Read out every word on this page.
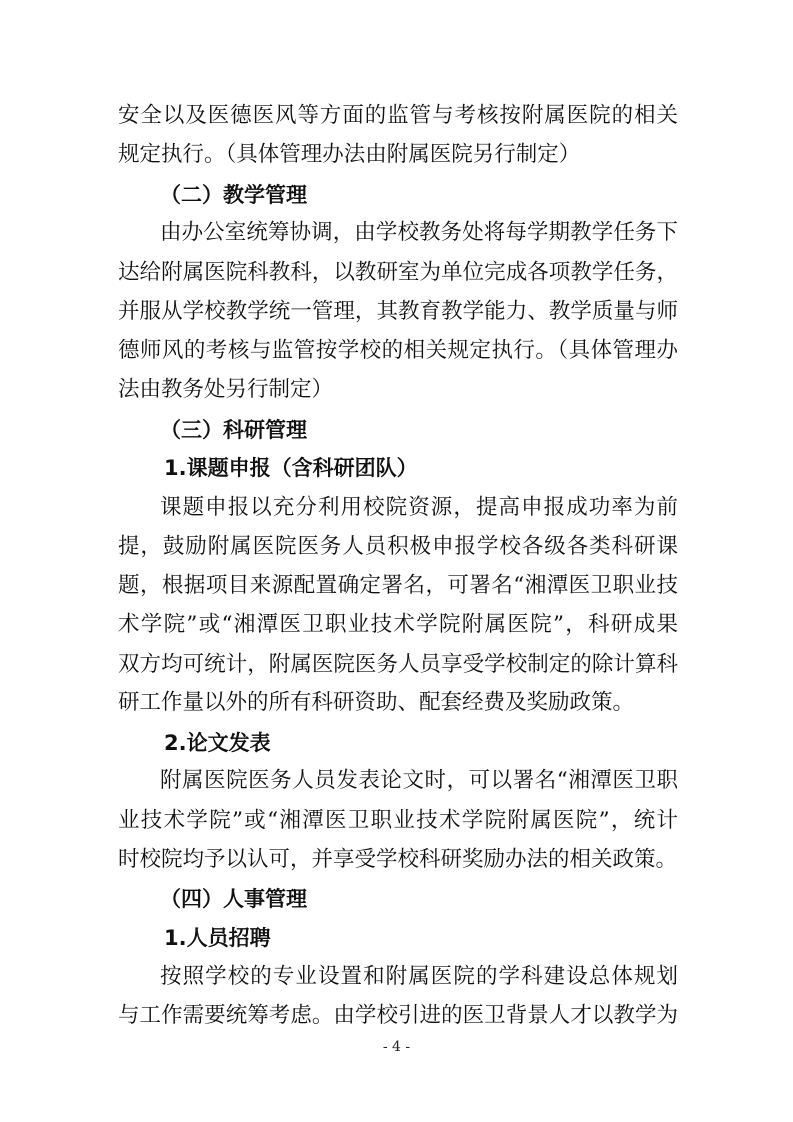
安全以及医德医风等方面的监管与考核按附属医院的相关
规定执行。（具体管理办法由附属医院另行制定）
（二）教学管理
由办公室统筹协调，由学校教务处将每学期教学任务下
达给附属医院科教科，以教研室为单位完成各项教学任务，
并服从学校教学统一管理，其教育教学能力、教学质量与师
德师风的考核与监管按学校的相关规定执行。（具体管理办
法由教务处另行制定）
（三）科研管理
1.课题申报（含科研团队）
课题申报以充分利用校院资源，提高申报成功率为前
提，鼓励附属医院医务人员积极申报学校各级各类科研课
题，根据项目来源配置确定署名，可署名“湘潭医卫职业技
术学院”或“湘潭医卫职业技术学院附属医院”，科研成果
双方均可统计，附属医院医务人员享受学校制定的除计算科
研工作量以外的所有科研资助、配套经费及奖励政策。
2.论文发表
附属医院医务人员发表论文时，可以署名“湘潭医卫职
业技术学院”或“湘潭医卫职业技术学院附属医院”，统计
时校院均予以认可，并享受学校科研奖励办法的相关政策。
（四）人事管理
1.人员招聘
按照学校的专业设置和附属医院的学科建设总体规划
与工作需要统筹考虑。由学校引进的医卫背景人才以教学为
- 4 -
